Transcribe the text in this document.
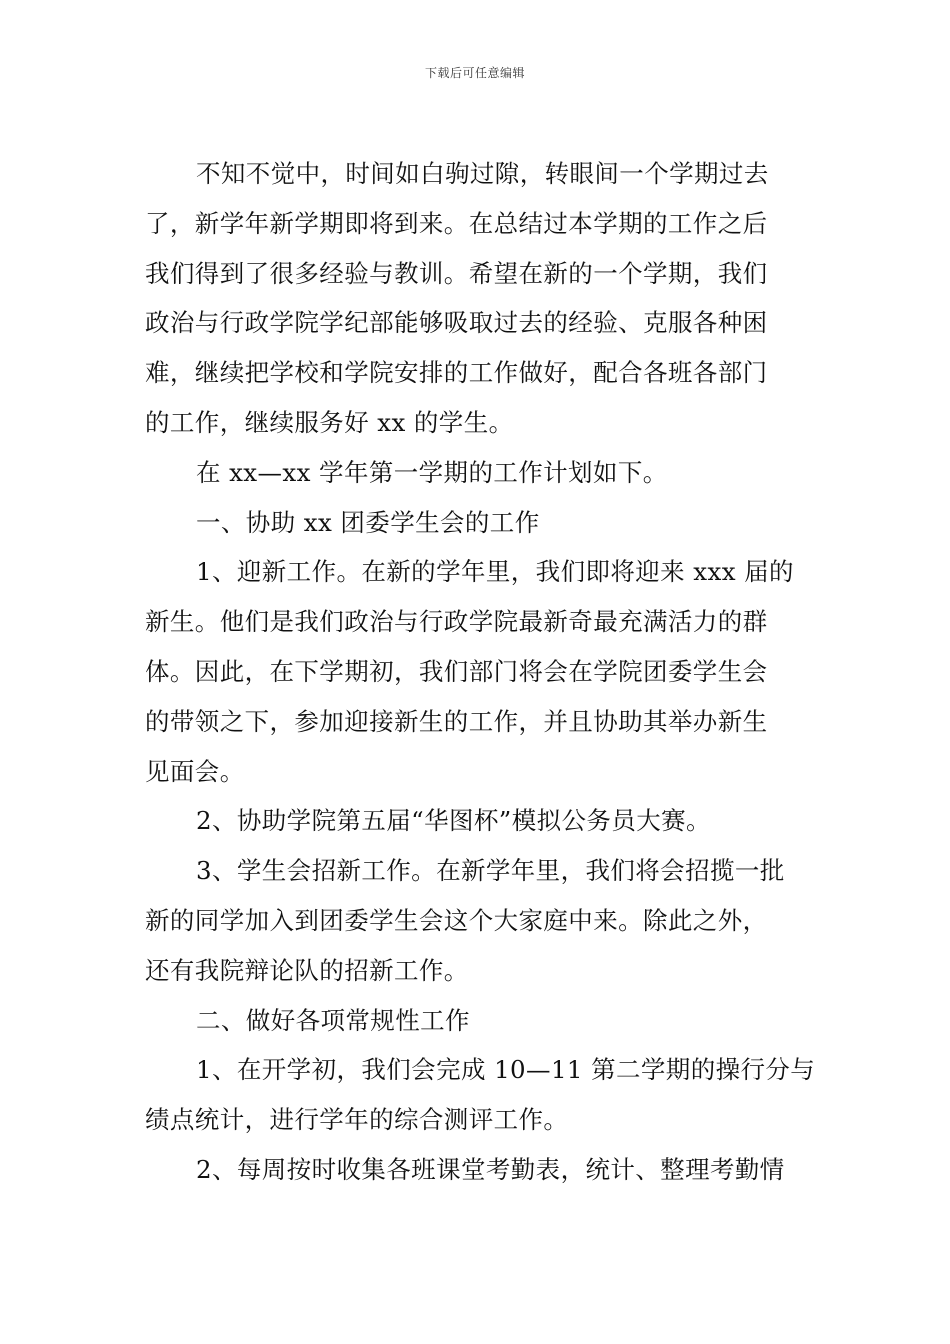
下载后可任意编辑
不知不觉中，时间如白驹过隙，转眼间一个学期过去
了，新学年新学期即将到来。在总结过本学期的工作之后
我们得到了很多经验与教训。希望在新的一个学期，我们
政治与行政学院学纪部能够吸取过去的经验、克服各种困
难，继续把学校和学院安排的工作做好，配合各班各部门
的工作，继续服务好 xx 的学生。
在 xx—xx 学年第一学期的工作计划如下。
一、协助 xx 团委学生会的工作
1、迎新工作。在新的学年里，我们即将迎来 xxx 届的
新生。他们是我们政治与行政学院最新奇最充满活力的群
体。因此，在下学期初，我们部门将会在学院团委学生会
的带领之下，参加迎接新生的工作，并且协助其举办新生
见面会。
2、协助学院第五届“华图杯”模拟公务员大赛。
3、学生会招新工作。在新学年里，我们将会招揽一批
新的同学加入到团委学生会这个大家庭中来。除此之外，
还有我院辩论队的招新工作。
二、做好各项常规性工作
1、在开学初，我们会完成 10—11 第二学期的操行分与
绩点统计，进行学年的综合测评工作。
2、每周按时收集各班课堂考勤表，统计、整理考勤情
